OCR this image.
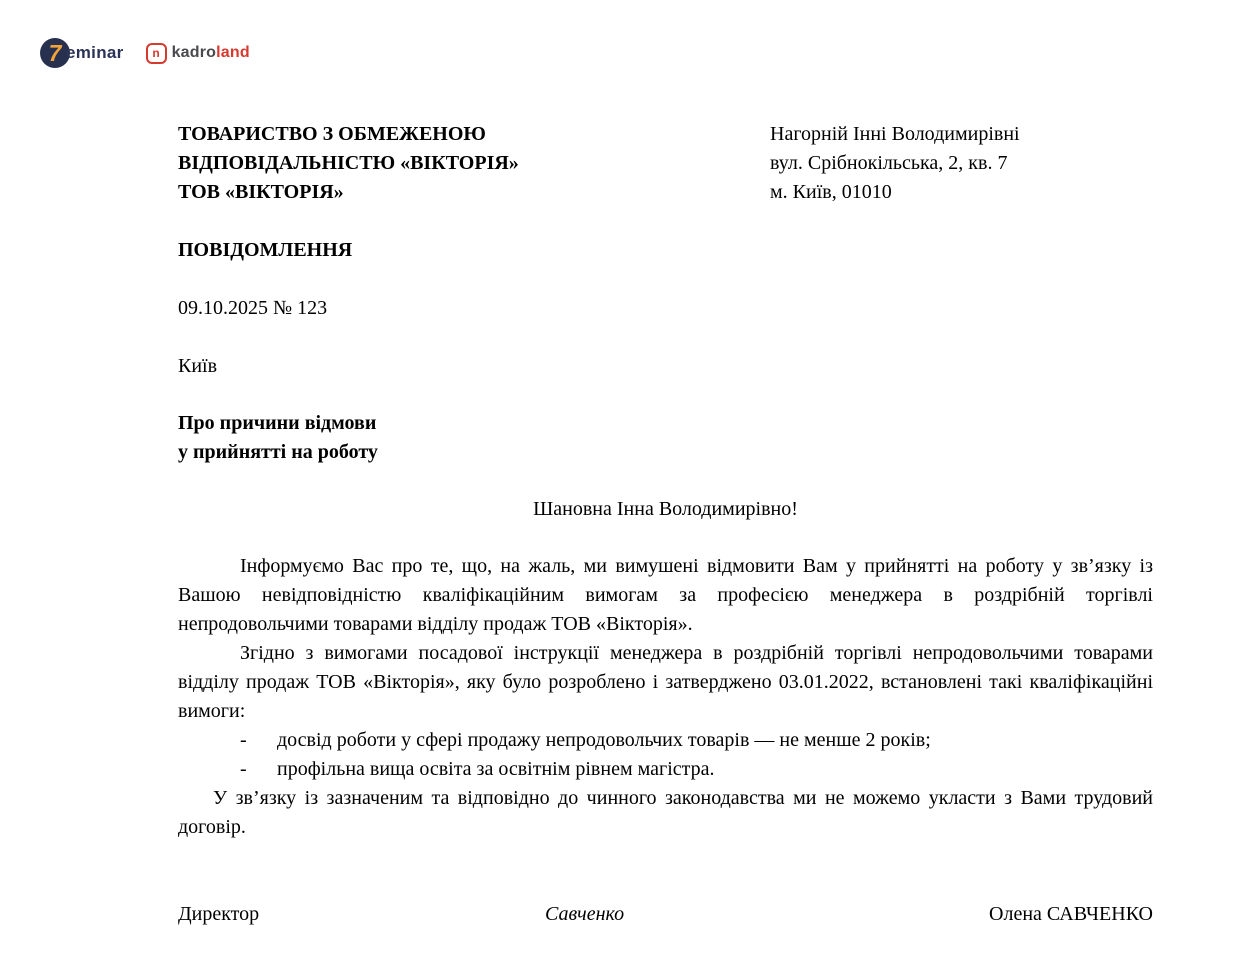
7 eminar	n kadroland
ТОВАРИСТВО З ОБМЕЖЕНОЮ
ВІДПОВІДАЛЬНІСТЮ «ВІКТОРІЯ»
ТОВ «ВІКТОРІЯ»
Нагорній Інні Володимирівні
вул. Срібнокільська, 2, кв. 7
м. Київ, 01010
ПОВІДОМЛЕННЯ
09.10.2025 № 123
Київ
Про причини відмови
у прийнятті на роботу
Шановна Інна Володимирівно!

Інформуємо Вас про те, що, на жаль, ми вимушені відмовити Вам у прийнятті на роботу у зв’язку із Вашою невідповідністю кваліфікаційним вимогам за професією менеджера в роздрібній торгівлі непродовольчими товарами відділу продаж ТОВ «Вікторія».

Згідно з вимогами посадової інструкції менеджера в роздрібній торгівлі непродовольчими товарами відділу продаж ТОВ «Вікторія», яку було розроблено і затверджено 03.01.2022, встановлені такі кваліфікаційні вимоги:

-	досвід роботи у сфері продажу непродовольчих товарів — не менше 2 років;
-	профільна вища освіта за освітнім рівнем магістра.

У зв’язку із зазначеним та відповідно до чинного законодавства ми не можемо укласти з Вами трудовий договір.

Директор	Савченко	Олена САВЧЕНКО
